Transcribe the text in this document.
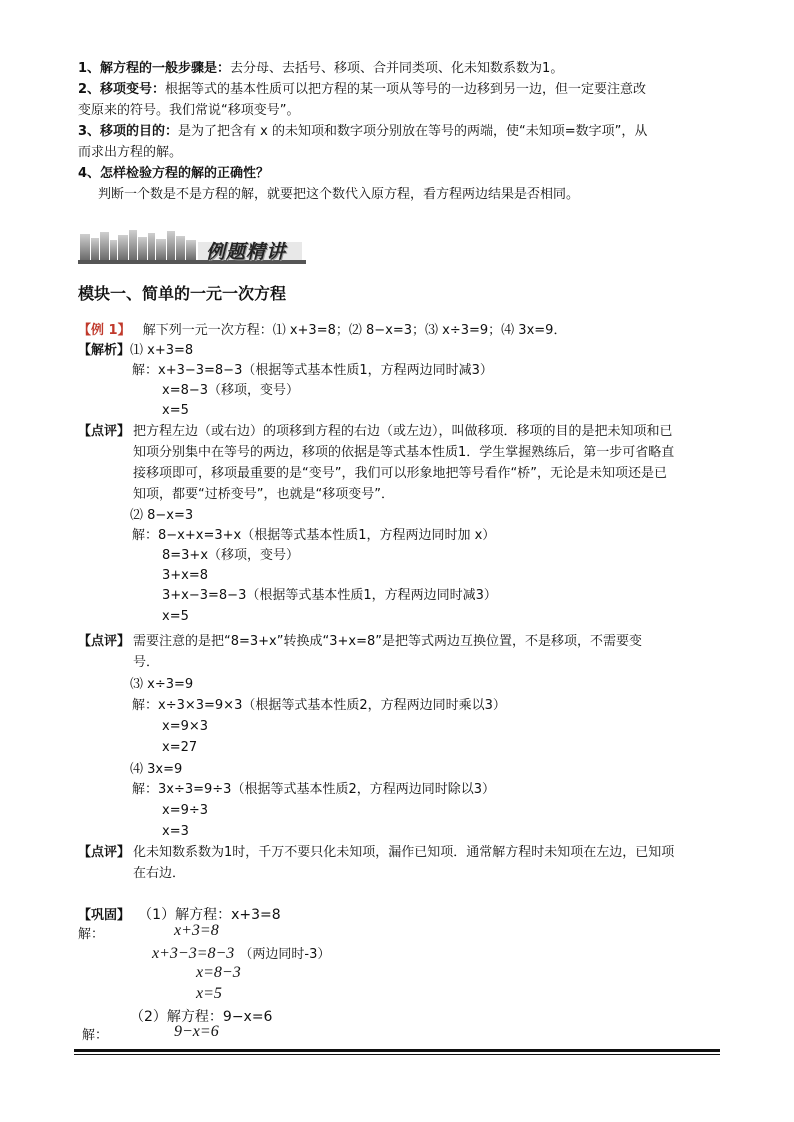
1、解方程的一般步骤是：去分母、去括号、移项、合并同类项、化未知数系数为1。
2、移项变号：根据等式的基本性质可以把方程的某一项从等号的一边移到另一边，但一定要注意改
变原来的符号。我们常说“移项变号”。
3、移项的目的：是为了把含有 x 的未知项和数字项分别放在等号的两端，使“未知项=数字项”，从
而求出方程的解。
4、怎样检验方程的解的正确性？
判断一个数是不是方程的解，就要把这个数代入原方程，看方程两边结果是否相同。
例题精讲
模块一、简单的一元一次方程
【例 1】 解下列一元一次方程：⑴ x+3=8；⑵ 8−x=3；⑶ x÷3=9；⑷ 3x=9．
【解析】 ⑴ x+3=8
解：x+3−3=8−3（根据等式基本性质1，方程两边同时减3）
x=8−3（移项，变号）
x=5
【点评】 把方程左边（或右边）的项移到方程的右边（或左边），叫做移项．移项的目的是把未知项和已
知项分别集中在等号的两边，移项的依据是等式基本性质1．学生掌握熟练后，第一步可省略直
接移项即可，移项最重要的是“变号”，我们可以形象地把等号看作“桥”，无论是未知项还是已
知项，都要“过桥变号”，也就是“移项变号”．
⑵ 8−x=3
解：8−x+x=3+x（根据等式基本性质1，方程两边同时加 x）
8=3+x（移项，变号）
3+x=8
3+x−3=8−3（根据等式基本性质1，方程两边同时减3）
x=5
【点评】 需要注意的是把“8=3+x”转换成“3+x=8”是把等式两边互换位置，不是移项，不需要变
号．
⑶ x÷3=9
解：x÷3×3=9×3（根据等式基本性质2，方程两边同时乘以3）
x=9×3
x=27
⑷ 3x=9
解：3x÷3=9÷3（根据等式基本性质2，方程两边同时除以3）
x=9÷3
x=3
【点评】 化未知数系数为1时，千万不要只化未知项，漏作已知项．通常解方程时未知项在左边，已知项
在右边．
【巩固】 （1）解方程：x+3=8
解：	x+3=8
x+3−3=8−3 （两边同时-3）
x=8−3
x=5
（2）解方程：9−x=6
解：	9−x=6
